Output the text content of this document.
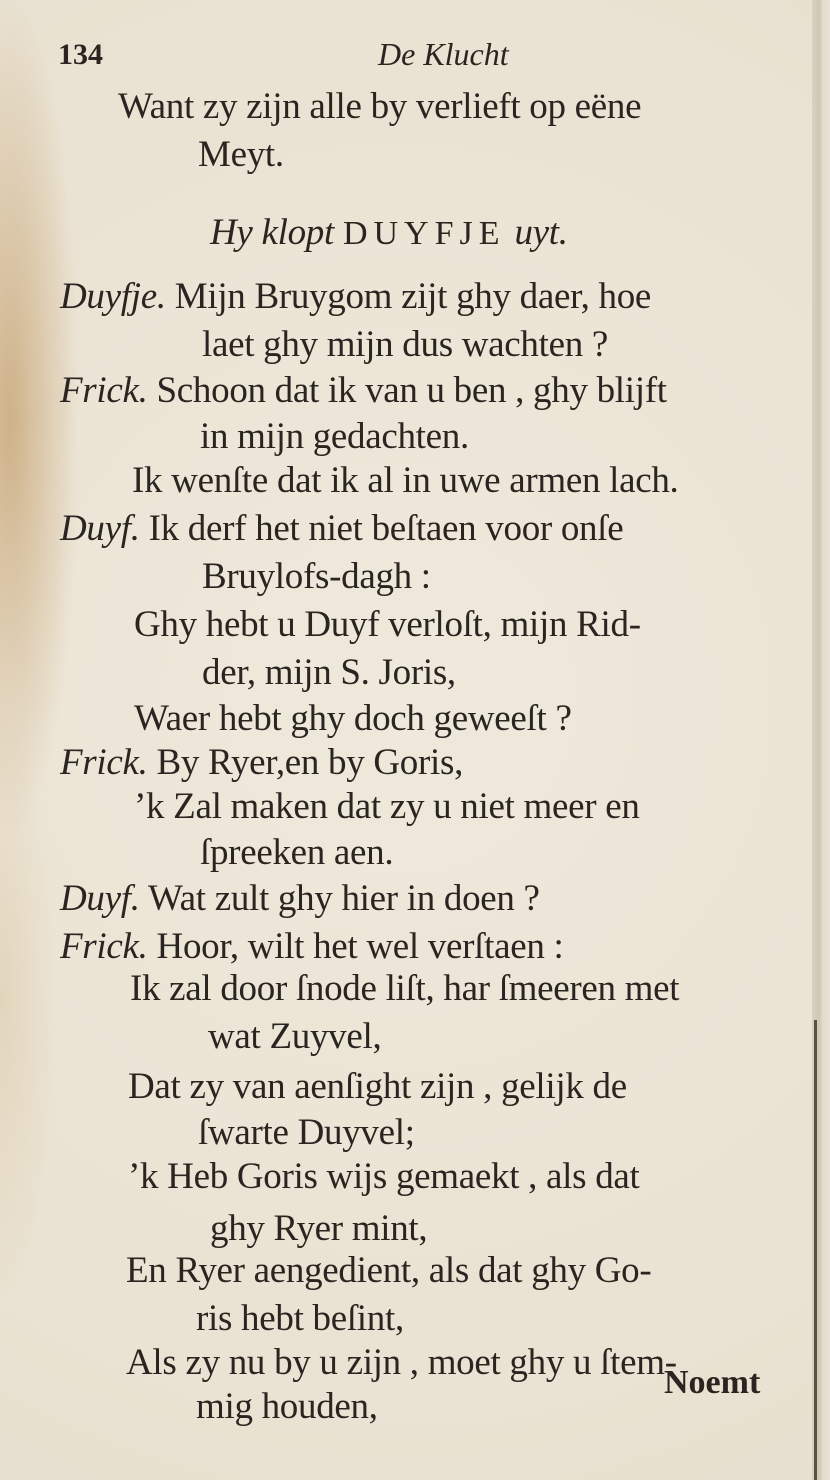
134	De Klucht
Want zy zijn alle by verlieft op eëne
Meyt.
Hy klopt DUYFJE uyt.
Duyfje. Mijn Bruygom zijt ghy daer, hoe
laet ghy mijn dus wachten ?
Frick. Schoon dat ik van u ben , ghy blijft
in mijn gedachten.
Ik wenſte dat ik al in uwe armen lach.
Duyf. Ik derf het niet beſtaen voor onſe
Bruylofs-dagh :
Ghy hebt u Duyf verloſt, mijn Rid-
der, mijn S. Joris,
Waer hebt ghy doch geweeſt ?
Frick. By Ryer,en by Goris,
’k Zal maken dat zy u niet meer en
ſpreeken aen.
Duyf. Wat zult ghy hier in doen ?
Frick. Hoor, wilt het wel verſtaen :
Ik zal door ſnode liſt, har ſmeeren met
wat Zuyvel,
Dat zy van aenſight zijn , gelijk de
ſwarte Duyvel;
’k Heb Goris wijs gemaekt , als dat
ghy Ryer mint,
En Ryer aengedient, als dat ghy Go-
ris hebt beſint,
Als zy nu by u zijn , moet ghy u ſtem-
mig houden,
Noemt
